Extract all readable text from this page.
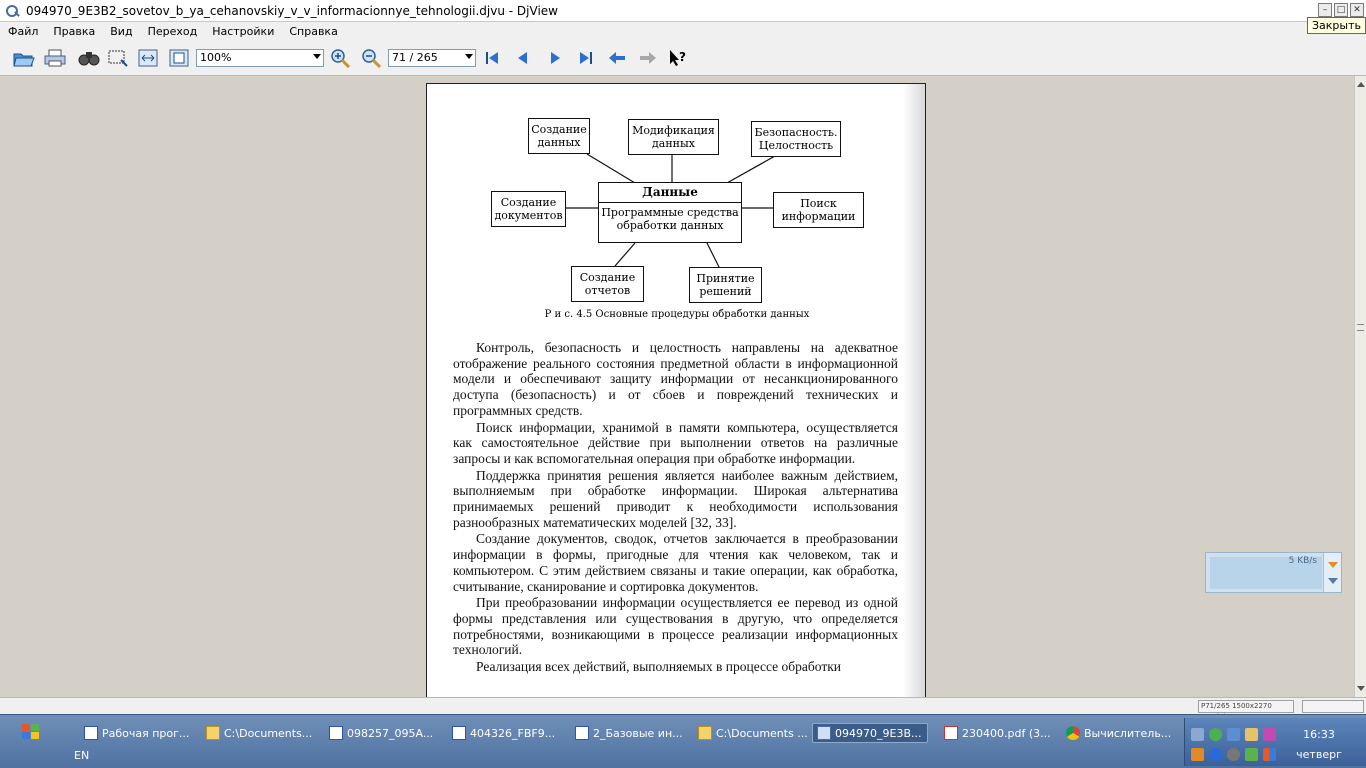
094970_9E3B2_sovetov_b_ya_cehanovskiy_v_v_informacionnye_tehnologii.djvu - DjView	–	□ ✕
Закрыть
Файл	Правка	Вид	Переход	Настройки	Справка
?
100%	71 / 265
Создание данных
Модификация данных
Безопасность. Целостность
Создание документов
Данные
Программные средства обработки данных
Поиск информации
Создание отчетов
Принятие решений
Р и с. 4.5 Основные процедуры обработки данных

Контроль, безопасность и целостность направлены на адекватное отображение реального состояния предметной области в информационной модели и обеспечивают защиту информации от несанкционированного доступа (безопасность) и от сбоев и повреждений технических и программных средств.

Поиск информации, хранимой в памяти компьютера, осуществляется как самостоятельное действие при выполнении ответов на различные запросы и как вспомогательная операция при обработке информации.

Поддержка принятия решения является наиболее важным действием, выполняемым при обработке информации. Широкая альтернатива принимаемых решений приводит к необходимости использования разнообразных математических моделей [32, 33].

Создание документов, сводок, отчетов заключается в преобразовании информации в формы, пригодные для чтения как человеком, так и компьютером. С этим действием связаны и такие операции, как обработка, считывание, сканирование и сортировка документов.

При преобразовании информации осуществляется ее перевод из одной формы представления или существования в другую, что определяется потребностями, возникающими в процессе реализации информационных технологий.

Реализация всех действий, выполняемых в процессе обработки

5 KB/s
P71/265 1500x2270
Рабочая прог...	C:\Documents...	098257_095A...	404326_FBF9...	2_Базовые ин...	C:\Documents ... 094970_9E3B...	230400.pdf (3...	Вычислитель...
EN
16:33
четверг
